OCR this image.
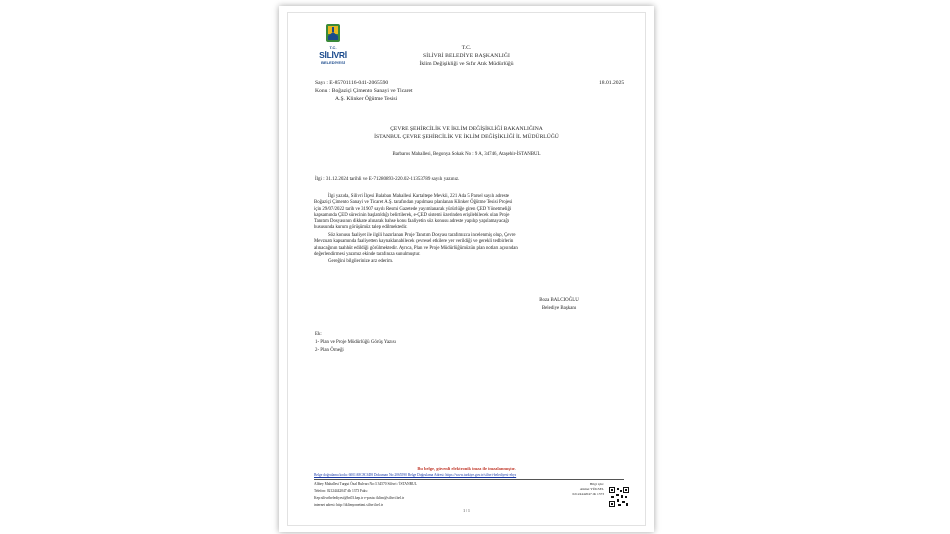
T.C.
SİLİVRİ
BELEDİYESİ
T.C.
SİLİVRİ BELEDİYE BAŞKANLIĞI
İklim Değişikliği ve Sıfır Atık Müdürlüğü
Sayı : E-85701116-041-2065590	18.01.2025
Konu : Boğaziçi Çimento Sanayi ve Ticaret
A.Ş. Klinker Öğütme Tesisi
ÇEVRE ŞEHİRCİLİK VE İKLİM DEĞİŞİKLİĞİ BAKANLIĞINA
İSTANBUL ÇEVRE ŞEHİRCİLİK VE İKLİM DEĞİŞİKLİĞİ İL MÜDÜRLÜĞÜ
Barbaros Mahallesi, Begonya Sokak No : 9 A, 34746, Ataşehir-İSTANBUL
İlgi : 31.12.2024 tarihli ve E-71280893-220.02-11353789 sayılı yazınız.
İlgi yazıda, Silivri İlçesi Balaban Mahallesi Kartaltepe Mevkii, 221 Ada 5 Parsel sayılı adreste
Boğaziçi Çimento Sanayi ve Ticaret A.Ş. tarafından yapılması planlanan Klinker Öğütme Tesisi Projesi
için 29/07/2022 tarih ve 31907 sayılı Resmi Gazetede yayımlanarak yürürlüğe giren ÇED Yönetmeliği
kapsamında ÇED sürecinin başlatıldığı belirtilerek, e-ÇED sistemi üzerinden erişilebilecek olan Proje
Tanıtım Dosyasının dikkate alınarak bahse konu faaliyetin söz konusu adreste yapılıp yapılamayacağı
hususunda kurum görüşümüz talep edilmektedir.
Söz konusu faaliyet ile ilgili hazırlanan Proje Tanıtım Dosyası tarafımızca incelenmiş olup, Çevre
Mevzuatı kapsamında faaliyetten kaynaklanabilecek çevresel etkilere yer verildiği ve gerekli tedbirlerin
alınacağının taahhüt edildiği görülmektedir. Ayrıca, Plan ve Proje Müdürlüğümüzün plan notları açısından
değerlendirmesi yazımız ekinde tarafınıza sunulmuştur.
Gereğini bilgilerinize arz ederim.
Boza BALCIOĞLU
Belediye Başkanı
Ek:
1- Plan ve Proje Müdürlüğü Görüş Yazısı
2- Plan Örneği
Bu belge, güvenli elektronik imza ile imzalanmıştır.
Belge doğrulama kodu: 6001A8C8C6D8 Dokuman No:2065590 Belge Doğrulama Adresi: https://www.turkiye.gov.tr/silivri-belediyesi-ebys
Alibey Mahallesi Turgut Özal Bulvarı No:3 34570 Silivri / İSTANBUL
Telefon: 02124442047 dh 1373 Faks:
Kep:silivribelediyesi@hs03.kep.tr e-posta: iklim@silivri.bel.tr
internet adresi: http://iklimyonetimi.silivri.bel.tr
Bilgi için:
Ahmet YÜKSEL
02124442047 dh 1373
1 / 1
